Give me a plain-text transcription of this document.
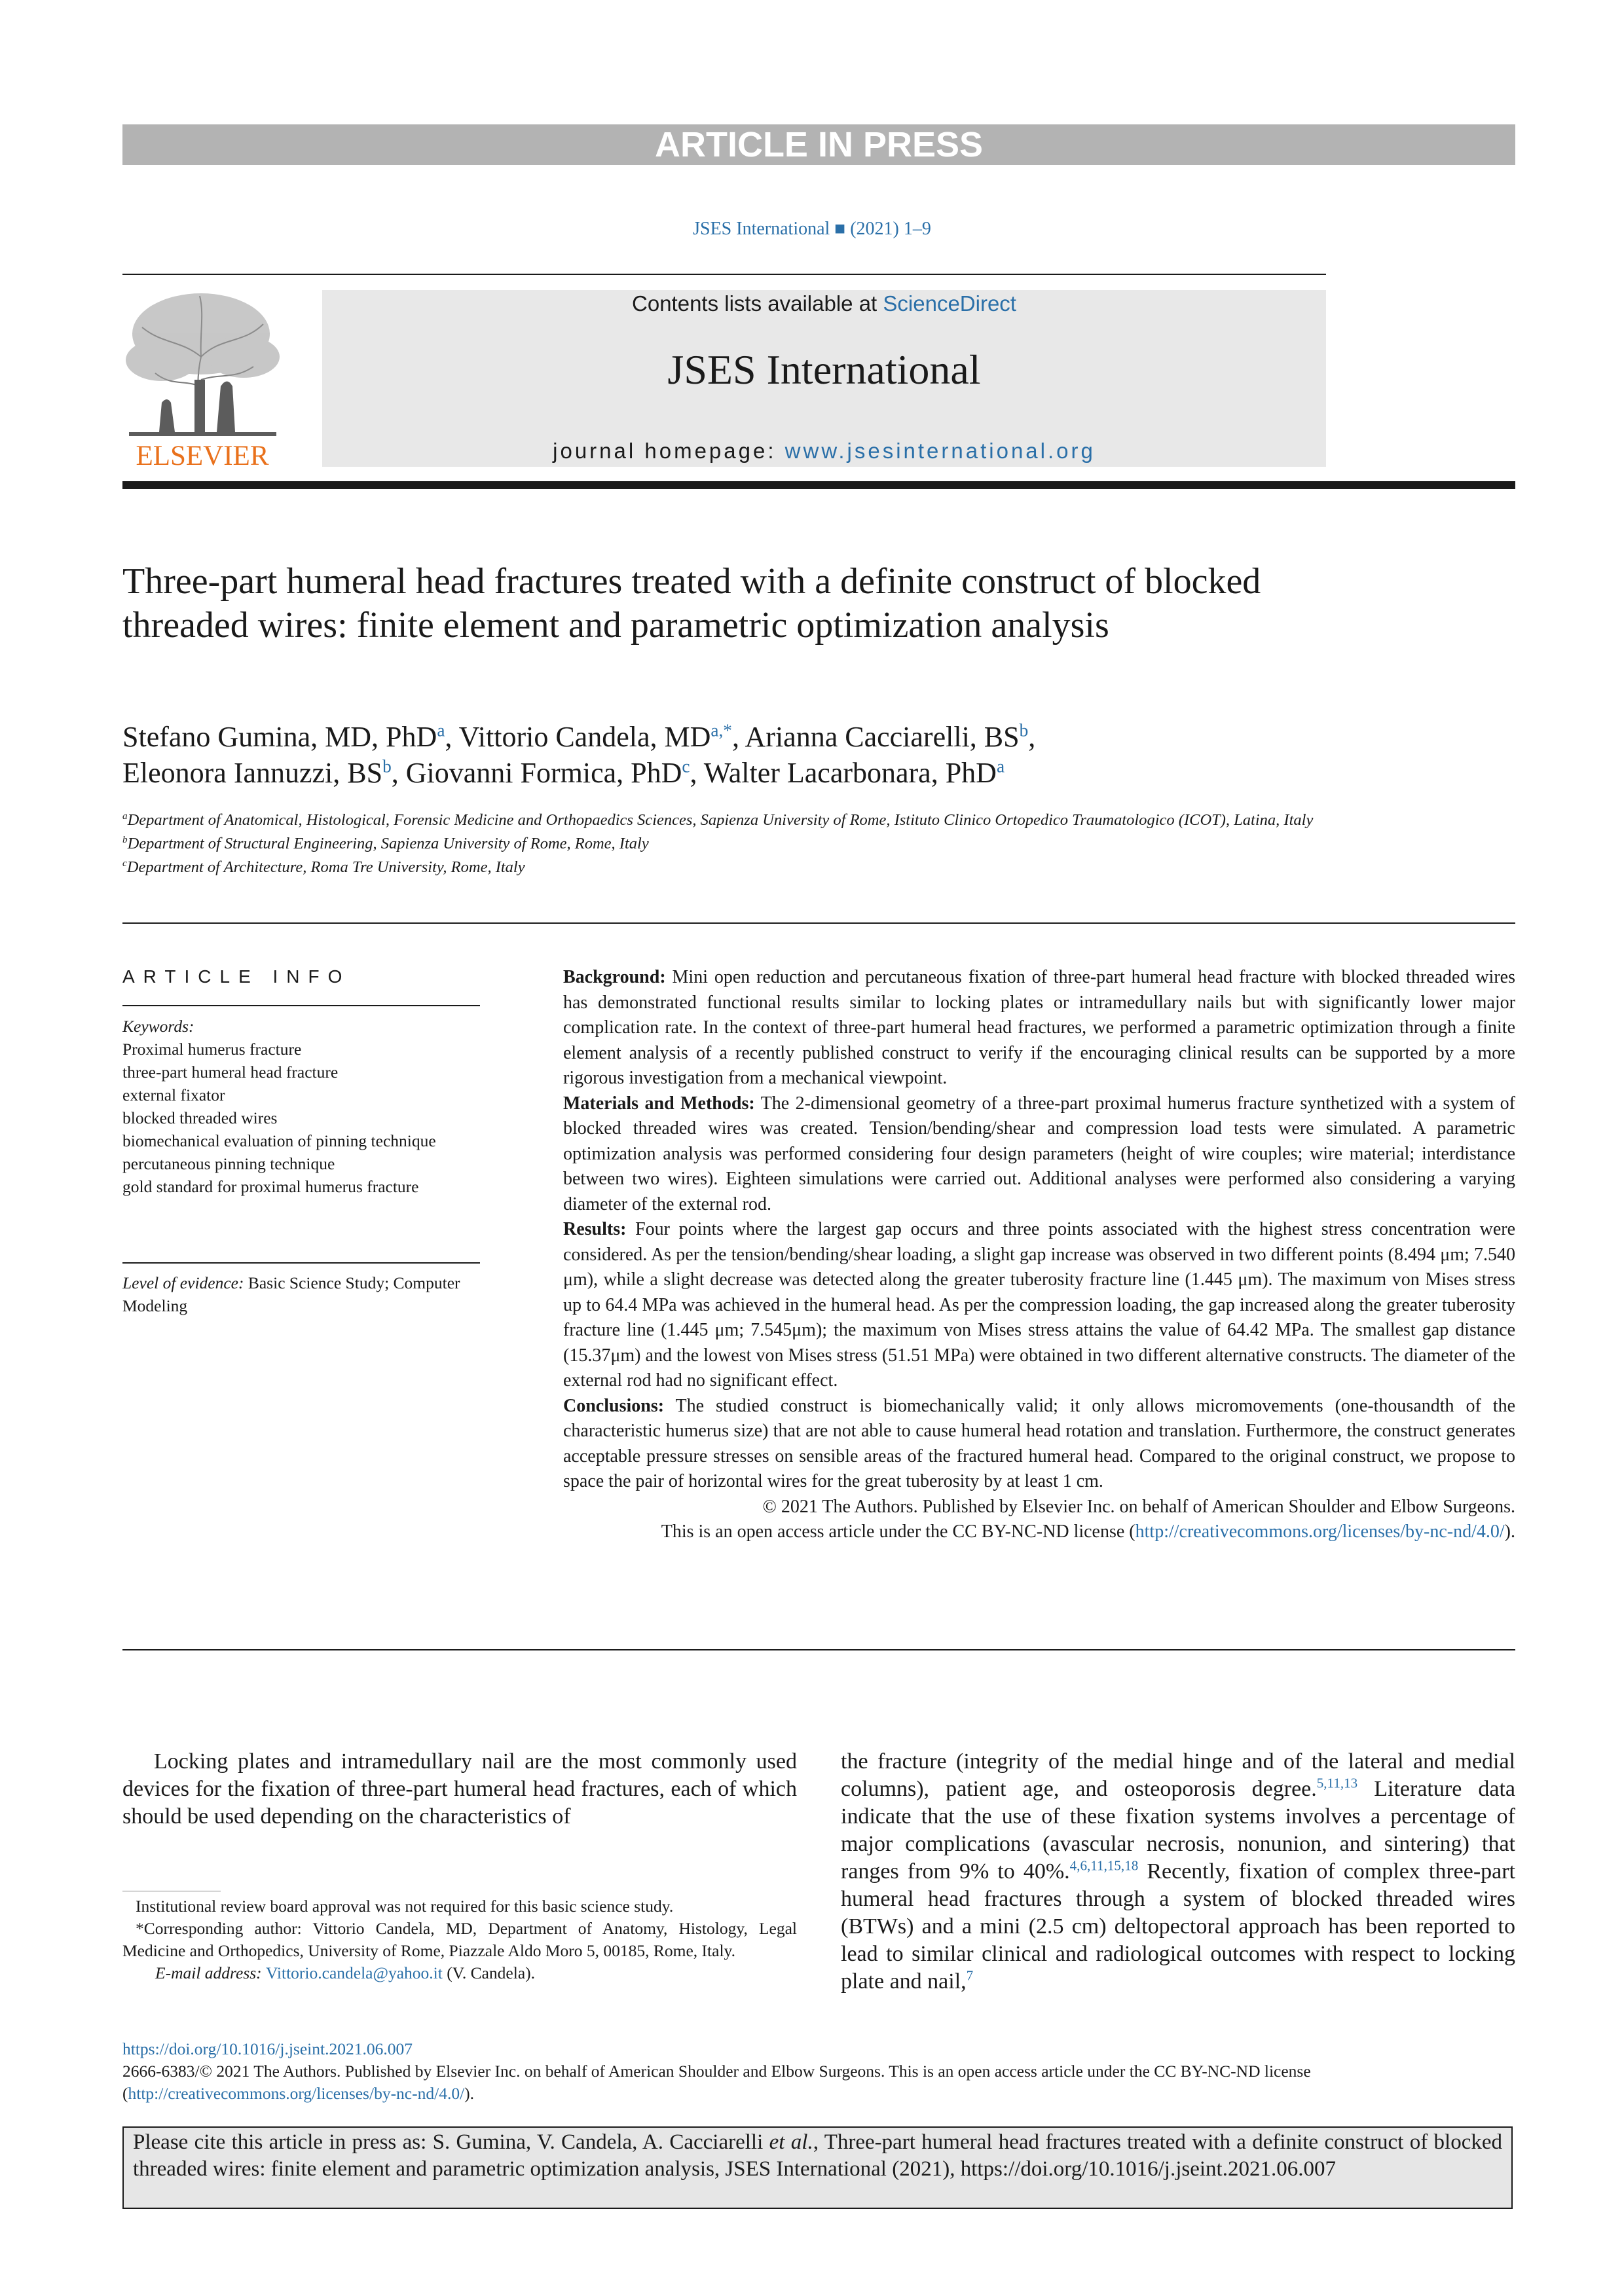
ARTICLE IN PRESS
JSES International ■ (2021) 1–9
ELSEVIER
Contents lists available at ScienceDirect
JSES International
journal homepage: www.jsesinternational.org
Three-part humeral head fractures treated with a definite construct of blocked threaded wires: finite element and parametric optimization analysis
Stefano Gumina, MD, PhD$^a$, Vittorio Candela, $MD^{a,*}$, Arianna Cacciarelli, $BS^b$,
Eleonora Iannuzzi, $BS^b$, Giovanni Formica, PhD$^c$, Walter Lacarbonara, PhD$^a$
$^a$Department of Anatomical, Histological, Forensic Medicine and Orthopaedics Sciences, Sapienza University of Rome, Istituto Clinico Ortopedico Traumatologico (ICOT), Latina, Italy
$^b$Department of Structural Engineering, Sapienza University of Rome, Rome, Italy
$^c$Department of Architecture, Roma Tre University, Rome, Italy
ARTICLE INFO
Keywords:
Proximal humerus fracture
three-part humeral head fracture
external fixator
blocked threaded wires
biomechanical evaluation of pinning technique
percutaneous pinning technique
gold standard for proximal humerus fracture
Level of evidence: Basic Science Study; Computer Modeling

Background: Mini open reduction and percutaneous fixation of three-part humeral head fracture with blocked threaded wires has demonstrated functional results similar to locking plates or intramedullary nails but with significantly lower major complication rate. In the context of three-part humeral head fractures, we performed a parametric optimization through a finite element analysis of a recently published construct to verify if the encouraging clinical results can be supported by a more rigorous investigation from a mechanical viewpoint.

Materials and Methods: The 2-dimensional geometry of a three-part proximal humerus fracture synthetized with a system of blocked threaded wires was created. Tension/bending/shear and compression load tests were simulated. A parametric optimization analysis was performed considering four design parameters (height of wire couples; wire material; interdistance between two wires). Eighteen simulations were carried out. Additional analyses were performed also considering a varying diameter of the external rod.

Results: Four points where the largest gap occurs and three points associated with the highest stress concentration were considered. As per the tension/bending/shear loading, a slight gap increase was observed in two different points (8.494 μm; 7.540 μm), while a slight decrease was detected along the greater tuberosity fracture line (1.445 μm). The maximum von Mises stress up to 64.4 MPa was achieved in the humeral head. As per the compression loading, the gap increased along the greater tuberosity fracture line (1.445 μm; 7.545μm); the maximum von Mises stress attains the value of 64.42 MPa. The smallest gap distance (15.37μm) and the lowest von Mises stress (51.51 MPa) were obtained in two different alternative constructs. The diameter of the external rod had no significant effect.

Conclusions: The studied construct is biomechanically valid; it only allows micromovements (one-thousandth of the characteristic humerus size) that are not able to cause humeral head rotation and translation. Furthermore, the construct generates acceptable pressure stresses on sensible areas of the fractured humeral head. Compared to the original construct, we propose to space the pair of horizontal wires for the great tuberosity by at least 1 cm.

© 2021 The Authors. Published by Elsevier Inc. on behalf of American Shoulder and Elbow Surgeons.
This is an open access article under the CC BY-NC-ND license (http://creativecommons.org/licenses/by-nc-nd/4.0/).

Locking plates and intramedullary nail are the most commonly used devices for the fixation of three-part humeral head fractures, each of which should be used depending on the characteristics of
the fracture (integrity of the medial hinge and of the lateral and medial columns), patient age, and osteoporosis degree.$^{5,11,13}$ Literature data indicate that the use of these fixation systems involves a percentage of major complications (avascular necrosis, nonunion, and sintering) that ranges from 9% to 40%.$^{4,6,11,15,18}$ Recently, fixation of complex three-part humeral head fractures through a system of blocked threaded wires (BTWs) and a mini (2.5 cm) deltopectoral approach has been reported to lead to similar clinical and radiological outcomes with respect to locking plate and nail,$^7$

Institutional review board approval was not required for this basic science study.

*Corresponding author: Vittorio Candela, MD, Department of Anatomy, Histology, Legal Medicine and Orthopedics, University of Rome, Piazzale Aldo Moro 5, 00185, Rome, Italy.

E-mail address: Vittorio.candela@yahoo.it (V. Candela).

https://doi.org/10.1016/j.jseint.2021.06.007
2666-6383/© 2021 The Authors. Published by Elsevier Inc. on behalf of American Shoulder and Elbow Surgeons. This is an open access article under the CC BY-NC-ND license (http://creativecommons.org/licenses/by-nc-nd/4.0/).
Please cite this article in press as: S. Gumina, V. Candela, A. Cacciarelli et al., Three-part humeral head fractures treated with a definite construct of blocked threaded wires: finite element and parametric optimization analysis, JSES International (2021), https://doi.org/10.1016/j.jseint.2021.06.007
